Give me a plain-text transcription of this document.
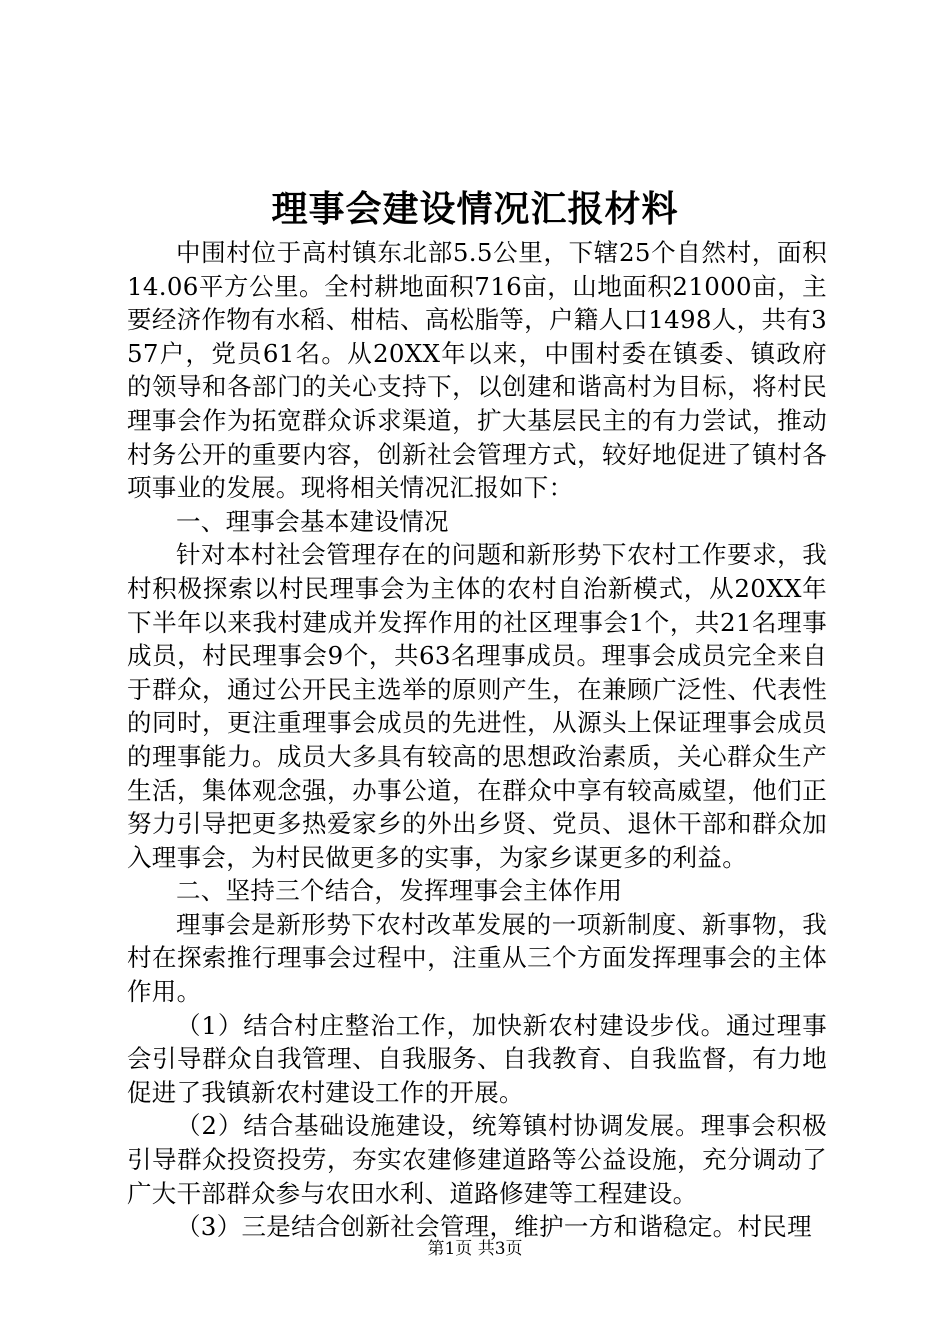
理事会建设情况汇报材料

中围村位于高村镇东北部5.5公里，下辖25个自然村，面积14.06平方公里。全村耕地面积716亩，山地面积21000亩，主要经济作物有水稻、柑桔、高松脂等，户籍人口1498人，共有357户，党员61名。从20XX年以来，中围村委在镇委、镇政府的领导和各部门的关心支持下，以创建和谐高村为目标，将村民理事会作为拓宽群众诉求渠道，扩大基层民主的有力尝试，推动村务公开的重要内容，创新社会管理方式，较好地促进了镇村各项事业的发展。现将相关情况汇报如下：

一、理事会基本建设情况

针对本村社会管理存在的问题和新形势下农村工作要求，我村积极探索以村民理事会为主体的农村自治新模式，从20XX年下半年以来我村建成并发挥作用的社区理事会1个，共21名理事成员，村民理事会9个，共63名理事成员。理事会成员完全来自于群众，通过公开民主选举的原则产生，在兼顾广泛性、代表性的同时，更注重理事会成员的先进性，从源头上保证理事会成员的理事能力。成员大多具有较高的思想政治素质，关心群众生产生活，集体观念强，办事公道，在群众中享有较高威望，他们正努力引导把更多热爱家乡的外出乡贤、党员、退休干部和群众加入理事会，为村民做更多的实事，为家乡谋更多的利益。

二、坚持三个结合，发挥理事会主体作用

理事会是新形势下农村改革发展的一项新制度、新事物，我村在探索推行理事会过程中，注重从三个方面发挥理事会的主体作用。

（1）结合村庄整治工作，加快新农村建设步伐。通过理事会引导群众自我管理、自我服务、自我教育、自我监督，有力地促进了我镇新农村建设工作的开展。

（2）结合基础设施建设，统筹镇村协调发展。理事会积极引导群众投资投劳，夯实农建修建道路等公益设施，充分调动了广大干部群众参与农田水利、道路修建等工程建设。

（3）三是结合创新社会管理，维护一方和谐稳定。村民理

第1页 共3页
